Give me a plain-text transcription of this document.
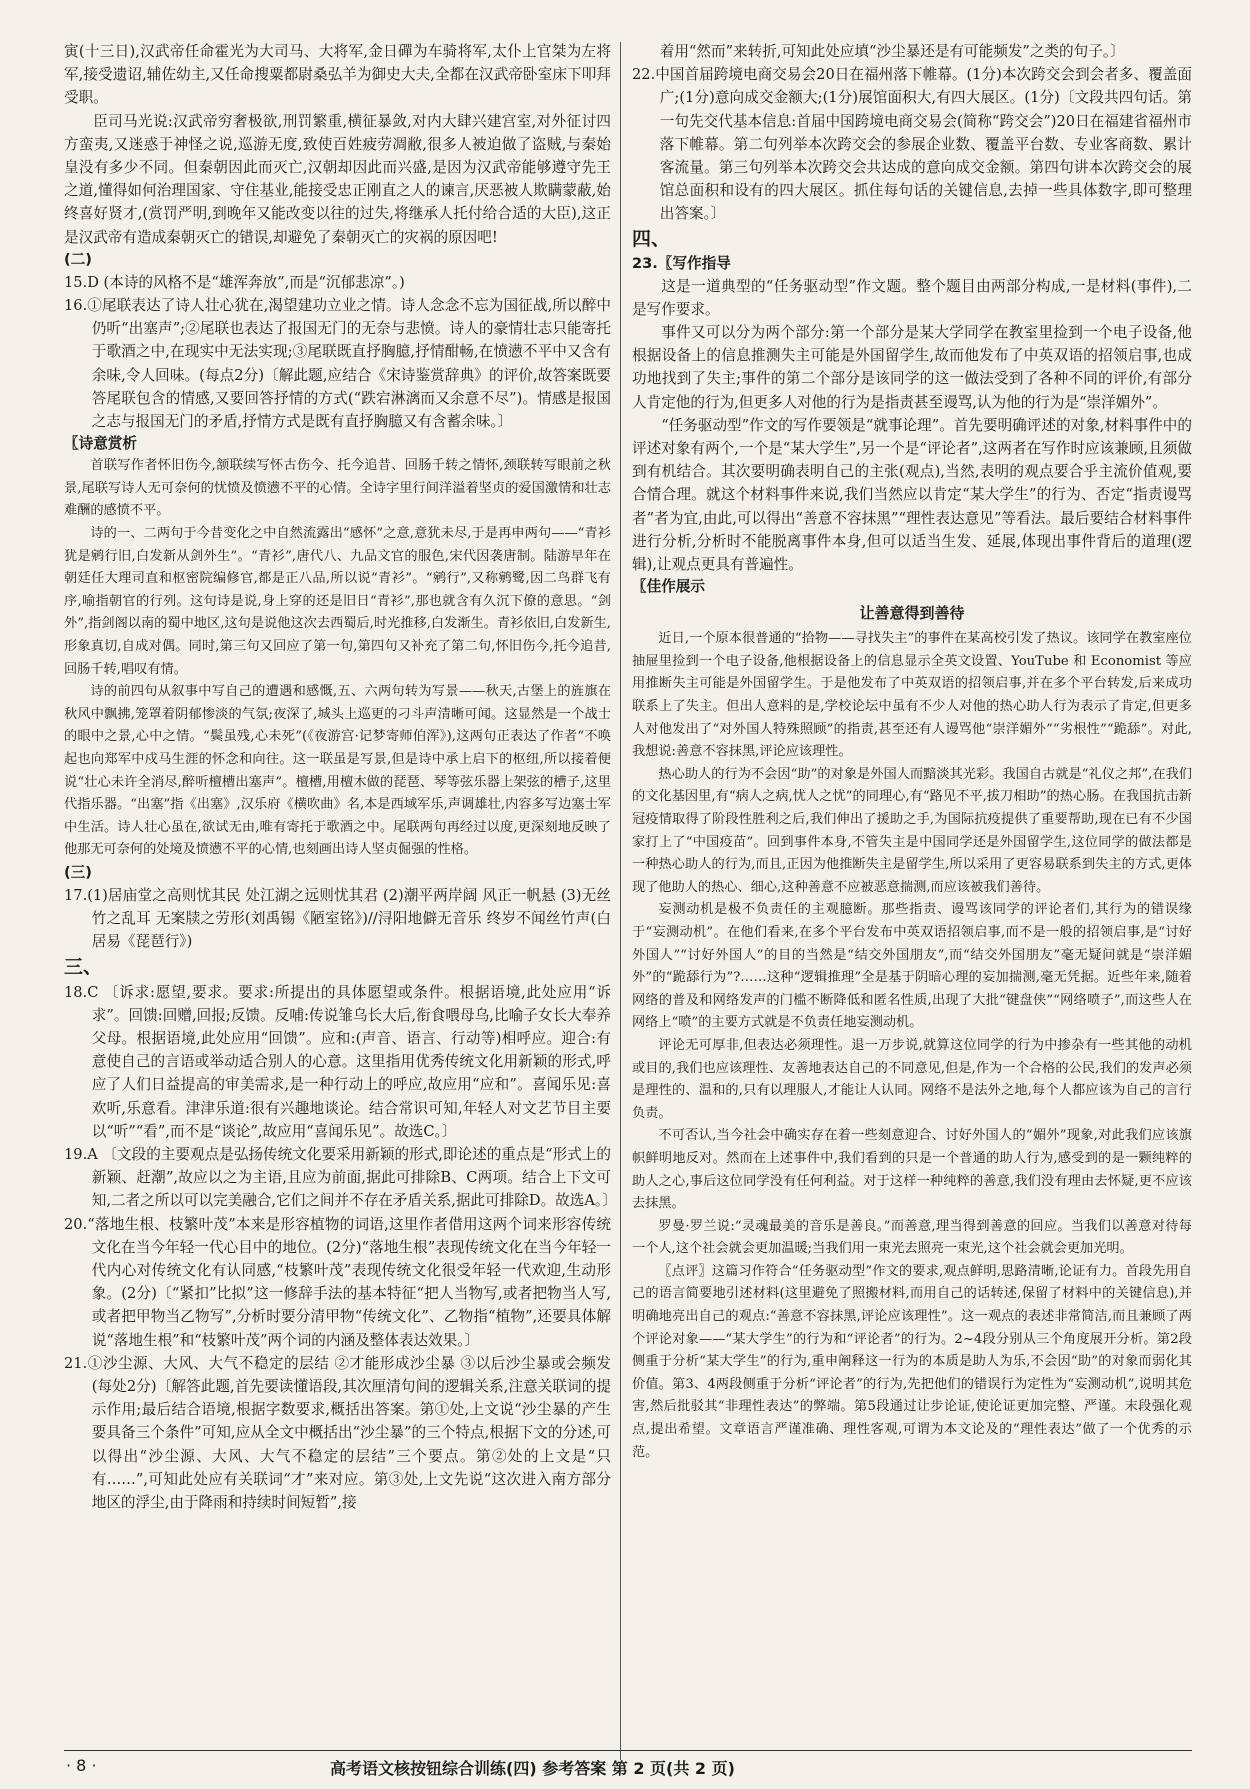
寅(十三日),汉武帝任命霍光为大司马、大将军,金日磾为车骑将军,太仆上官桀为左将军,接受遗诏,辅佐幼主,又任命搜粟都尉桑弘羊为御史大夫,全都在汉武帝卧室床下叩拜受职。

臣司马光说:汉武帝穷奢极欲,刑罚繁重,横征暴敛,对内大肆兴建宫室,对外征讨四方蛮夷,又迷惑于神怪之说,巡游无度,致使百姓疲劳凋敝,很多人被迫做了盗贼,与秦始皇没有多少不同。但秦朝因此而灭亡,汉朝却因此而兴盛,是因为汉武帝能够遵守先王之道,懂得如何治理国家、守住基业,能接受忠正刚直之人的谏言,厌恶被人欺瞒蒙蔽,始终喜好贤才,(赏罚严明,到晚年又能改变以往的过失,将继承人托付给合适的大臣),这正是汉武帝有造成秦朝灭亡的错误,却避免了秦朝灭亡的灾祸的原因吧!

(二)

15.D (本诗的风格不是“雄浑奔放”,而是“沉郁悲凉”。)

16.①尾联表达了诗人壮心犹在,渴望建功立业之情。诗人念念不忘为国征战,所以醉中仍听“出塞声”;②尾联也表达了报国无门的无奈与悲愤。诗人的豪情壮志只能寄托于歌酒之中,在现实中无法实现;③尾联既直抒胸臆,抒情酣畅,在愤懑不平中又含有余味,令人回味。(每点2分)〔解此题,应结合《宋诗鉴赏辞典》的评价,故答案既要答尾联包含的情感,又要回答抒情的方式(“跌宕淋漓而又余意不尽”)。情感是报国之志与报国无门的矛盾,抒情方式是既有直抒胸臆又有含蓄余味。〕

〖诗意赏析

首联写作者怀旧伤今,颔联续写怀古伤今、托今追昔、回肠千转之情怀,颈联转写眼前之秋景,尾联写诗人无可奈何的忧愤及愤懑不平的心情。全诗字里行间洋溢着坚贞的爱国激情和壮志难酬的感愤不平。

诗的一、二两句于今昔变化之中自然流露出“感怀”之意,意犹未尽,于是再申两句——“青衫犹是鹓行旧,白发新从剑外生”。“青衫”,唐代八、九品文官的服色,宋代因袭唐制。陆游早年在朝廷任大理司直和枢密院编修官,都是正八品,所以说“青衫”。“鹓行”,又称鹓鹭,因二鸟群飞有序,喻指朝官的行列。这句诗是说,身上穿的还是旧日“青衫”,那也就含有久沉下僚的意思。“剑外”,指剑阁以南的蜀中地区,这句是说他这次去西蜀后,时光推移,白发渐生。青衫依旧,白发新生,形象真切,自成对偶。同时,第三句又回应了第一句,第四句又补充了第二句,怀旧伤今,托今追昔,回肠千转,唱叹有情。

诗的前四句从叙事中写自己的遭遇和感慨,五、六两句转为写景——秋天,古堡上的旌旗在秋风中飘拂,笼罩着阴郁惨淡的气氛;夜深了,城头上巡更的刁斗声清晰可闻。这显然是一个战士的眼中之景,心中之情。“鬓虽残,心未死”(《夜游宫·记梦寄师伯浑》),这两句正表达了作者“不唤起也向郑军中戍马生涯的怀念和向往。这一联虽是写景,但是诗中承上启下的枢纽,所以接着便说“壮心未许全消尽,醉听檀槽出塞声”。檀槽,用檀木做的琵琶、琴等弦乐器上架弦的槽子,这里代指乐器。“出塞”指《出塞》,汉乐府《横吹曲》名,本是西域军乐,声调雄壮,内容多写边塞士军中生活。诗人壮心虽在,欲试无由,唯有寄托于歌酒之中。尾联两句再经过以度,更深刻地反映了他那无可奈何的处境及愤懑不平的心情,也刻画出诗人坚贞倔强的性格。

(三)

17.(1)居庙堂之高则忧其民 处江湖之远则忧其君 (2)潮平两岸阔 风正一帆悬 (3)无丝竹之乱耳 无案牍之劳形(刘禹锡《陋室铭》)//浔阳地僻无音乐 终岁不闻丝竹声(白居易《琵琶行》)

三、

18.C 〔诉求:愿望,要求。要求:所提出的具体愿望或条件。根据语境,此处应用“诉求”。回馈:回赠,回报;反馈。反哺:传说雏乌长大后,衔食喂母乌,比喻子女长大奉养父母。根据语境,此处应用“回馈”。应和:(声音、语言、行动等)相呼应。迎合:有意使自己的言语或举动适合别人的心意。这里指用优秀传统文化用新颖的形式,呼应了人们日益提高的审美需求,是一种行动上的呼应,故应用“应和”。喜闻乐见:喜欢听,乐意看。津津乐道:很有兴趣地谈论。结合常识可知,年轻人对文艺节目主要以“听”“看”,而不是“谈论”,故应用“喜闻乐见”。故选C。〕

19.A 〔文段的主要观点是弘扬传统文化要采用新颖的形式,即论述的重点是“形式上的新颖、赶潮”,故应以之为主语,且应为前面,据此可排除B、C两项。结合上下文可知,二者之所以可以完美融合,它们之间并不存在矛盾关系,据此可排除D。故选A。〕

20.“落地生根、枝繁叶茂”本来是形容植物的词语,这里作者借用这两个词来形容传统文化在当今年轻一代心目中的地位。(2分)“落地生根”表现传统文化在当今年轻一代内心对传统文化有认同感,“枝繁叶茂”表现传统文化很受年轻一代欢迎,生动形象。(2分)〔“紧扣”比拟”这一修辞手法的基本特征“把人当物写,或者把物当人写,或者把甲物当乙物写”,分析时要分清甲物“传统文化”、乙物指“植物”,还要具体解说“落地生根”和“枝繁叶茂”两个词的内涵及整体表达效果。〕

21.①沙尘源、大风、大气不稳定的层结 ②才能形成沙尘暴 ③以后沙尘暴或会频发 (每处2分)〔解答此题,首先要读懂语段,其次厘清句间的逻辑关系,注意关联词的提示作用;最后结合语境,根据字数要求,概括出答案。第①处,上文说“沙尘暴的产生要具备三个条件”可知,应从全文中概括出“沙尘暴”的三个特点,根据下文的分述,可以得出“沙尘源、大风、大气不稳定的层结”三个要点。第②处的上文是“只有……”,可知此处应有关联词“才”来对应。第③处,上文先说“这次进入南方部分地区的浮尘,由于降雨和持续时间短暂”,接

着用“然而”来转折,可知此处应填“沙尘暴还是有可能频发”之类的句子。〕

22.中国首届跨境电商交易会20日在福州落下帷幕。(1分)本次跨交会到会者多、覆盖面广;(1分)意向成交金额大;(1分)展馆面积大,有四大展区。(1分)〔文段共四句话。第一句先交代基本信息:首届中国跨境电商交易会(简称“跨交会”)20日在福建省福州市落下帷幕。第二句列举本次跨交会的参展企业数、覆盖平台数、专业客商数、累计客流量。第三句列举本次跨交会共达成的意向成交金额。第四句讲本次跨交会的展馆总面积和设有的四大展区。抓住每句话的关键信息,去掉一些具体数字,即可整理出答案。〕

四、

23.〖写作指导

这是一道典型的“任务驱动型”作文题。整个题目由两部分构成,一是材料(事件),二是写作要求。

事件又可以分为两个部分:第一个部分是某大学同学在教室里捡到一个电子设备,他根据设备上的信息推测失主可能是外国留学生,故而他发布了中英双语的招领启事,也成功地找到了失主;事件的第二个部分是该同学的这一做法受到了各种不同的评价,有部分人肯定他的行为,但更多人对他的行为是指责甚至谩骂,认为他的行为是“崇洋媚外”。

“任务驱动型”作文的写作要领是“就事论理”。首先要明确评述的对象,材料事件中的评述对象有两个,一个是“某大学生”,另一个是“评论者”,这两者在写作时应该兼顾,且须做到有机结合。其次要明确表明自己的主张(观点),当然,表明的观点要合乎主流价值观,要合情合理。就这个材料事件来说,我们当然应以肯定“某大学生”的行为、否定“指责谩骂者”者为宜,由此,可以得出“善意不容抹黑”“理性表达意见”等看法。最后要结合材料事件进行分析,分析时不能脱离事件本身,但可以适当生发、延展,体现出事件背后的道理(逻辑),让观点更具有普遍性。

〖佳作展示

让善意得到善待

近日,一个原本很普通的“拾物——寻找失主”的事件在某高校引发了热议。该同学在教室座位抽屉里捡到一个电子设备,他根据设备上的信息显示全英文设置、YouTube 和 Economist 等应用推断失主可能是外国留学生。于是他发布了中英双语的招领启事,并在多个平台转发,后来成功联系上了失主。但出人意料的是,学校论坛中虽有不少人对他的热心助人行为表示了肯定,但更多人对他发出了“对外国人特殊照顾”的指责,甚至还有人谩骂他“崇洋媚外”“劣根性”“跪舔”。对此,我想说:善意不容抹黑,评论应该理性。

热心助人的行为不会因“助”的对象是外国人而黯淡其光彩。我国自古就是“礼仪之邦”,在我们的文化基因里,有“病人之病,忧人之忧”的同理心,有“路见不平,拔刀相助”的热心肠。在我国抗击新冠疫情取得了阶段性胜利之后,我们伸出了援助之手,为国际抗疫提供了重要帮助,现在已有不少国家打上了“中国疫苗”。回到事件本身,不管失主是中国同学还是外国留学生,这位同学的做法都是一种热心助人的行为,而且,正因为他推断失主是留学生,所以采用了更容易联系到失主的方式,更体现了他助人的热心、细心,这种善意不应被恶意揣测,而应该被我们善待。

妄测动机是极不负责任的主观臆断。那些指责、谩骂该同学的评论者们,其行为的错误缘于“妄测动机”。在他们看来,在多个平台发布中英双语招领启事,而不是一般的招领启事,是“讨好外国人”“讨好外国人”的目的当然是“结交外国朋友”,而“结交外国朋友”毫无疑问就是“崇洋媚外”的“跪舔行为”?……这种“逻辑推理”全是基于阴暗心理的妄加揣测,毫无凭据。近些年来,随着网络的普及和网络发声的门槛不断降低和匿名性质,出现了大批“键盘侠”“网络喷子”,而这些人在网络上“喷”的主要方式就是不负责任地妄测动机。

评论无可厚非,但表达必须理性。退一万步说,就算这位同学的行为中掺杂有一些其他的动机或目的,我们也应该理性、友善地表达自己的不同意见,但是,作为一个合格的公民,我们的发声必须是理性的、温和的,只有以理服人,才能让人认同。网络不是法外之地,每个人都应该为自己的言行负责。

不可否认,当今社会中确实存在着一些刻意迎合、讨好外国人的“媚外”现象,对此我们应该旗帜鲜明地反对。然而在上述事件中,我们看到的只是一个普通的助人行为,感受到的是一颗纯粹的助人之心,事后这位同学没有任何利益。对于这样一种纯粹的善意,我们没有理由去怀疑,更不应该去抹黑。

罗曼·罗兰说:“灵魂最美的音乐是善良。”而善意,理当得到善意的回应。当我们以善意对待每一个人,这个社会就会更加温暖;当我们用一束光去照亮一束光,这个社会就会更加光明。

〖点评〗这篇习作符合“任务驱动型”作文的要求,观点鲜明,思路清晰,论证有力。首段先用自己的语言简要地引述材料(这里避免了照搬材料,而用自己的话转述,保留了材料中的关键信息),并明确地亮出自己的观点:“善意不容抹黑,评论应该理性”。这一观点的表述非常简洁,而且兼顾了两个评论对象——“某大学生”的行为和“评论者”的行为。2~4段分别从三个角度展开分析。第2段侧重于分析“某大学生”的行为,重申阐释这一行为的本质是助人为乐,不会因“助”的对象而弱化其价值。第3、4两段侧重于分析“评论者”的行为,先把他们的错误行为定性为“妄测动机”,说明其危害,然后批驳其“非理性表达”的弊端。第5段通过让步论证,使论证更加完整、严谨。末段强化观点,提出希望。文章语言严谨准确、理性客观,可谓为本文论及的“理性表达”做了一个优秀的示范。

· 8 ·	高考语文核按钮综合训练(四) 参考答案 第 2 页(共 2 页)
